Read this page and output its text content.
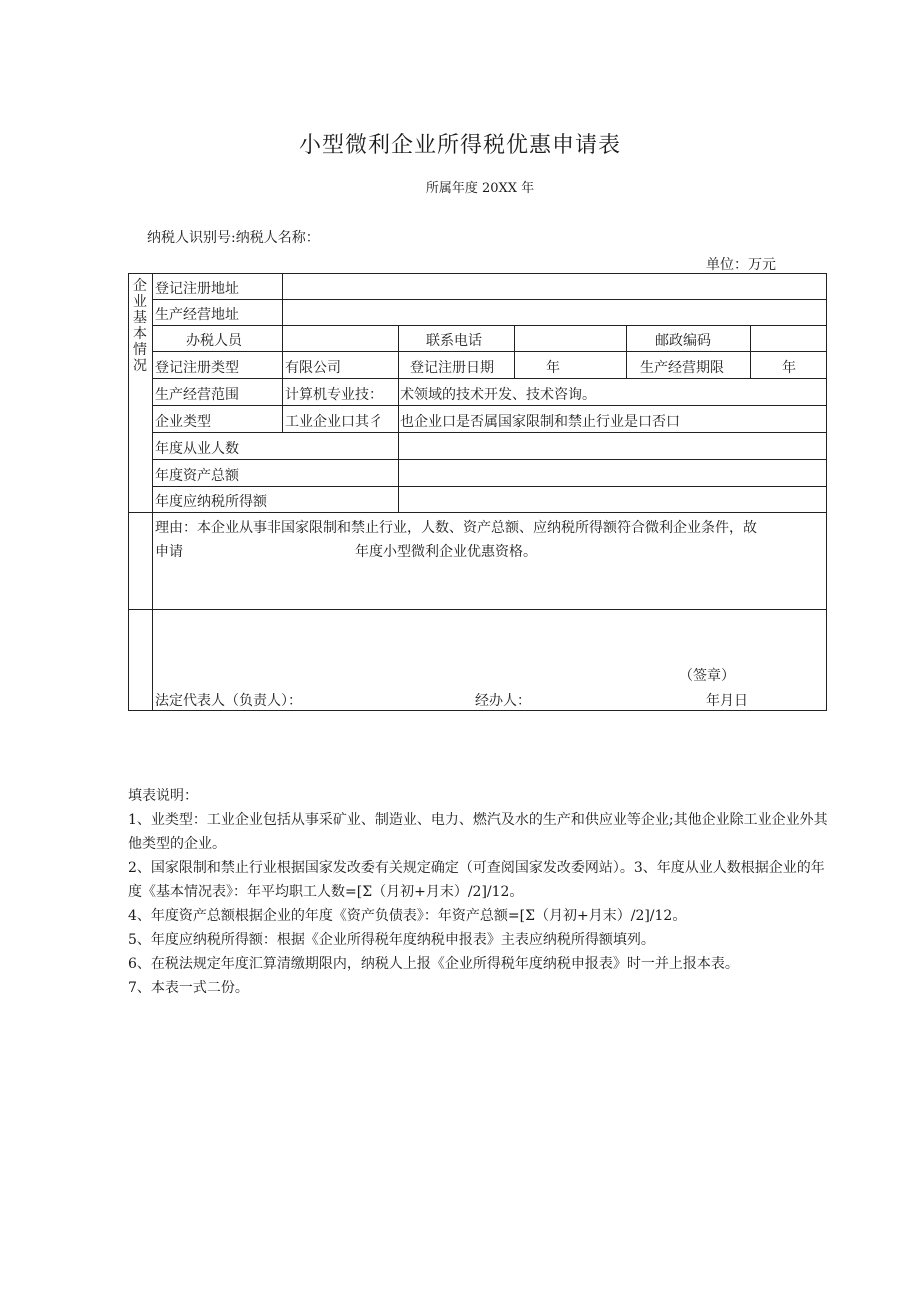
小型微利企业所得税优惠申请表
所属年度 20XX 年
纳税人识别号:纳税人名称：
单位：万元
企业基本情况
登记注册地址
生产经营地址
办税人员	联系电话	邮政编码
登记注册类型	有限公司	登记注册日期	年	生产经营期限	年
生产经营范围	计算机专业技： 术领域的技术开发、技术咨询。
企业类型	工业企业口其彳 也企业口是否属国家限制和禁止行业是口否口
年度从业人数
年度资产总额
年度应纳税所得额
理由：本企业从事非国家限制和禁止行业，人数、资产总额、应纳税所得额符合微利企业条件，故
申请	年度小型微利企业优惠资格。
（签章）
法定代表人（负责人）：	经办人：	年月日
填表说明：
1、业类型：工业企业包括从事采矿业、制造业、电力、燃汽及水的生产和供应业等企业;其他企业除工业企业外其他类型的企业。
2、国家限制和禁止行业根据国家发改委有关规定确定（可查阅国家发改委网站）。3、年度从业人数根据企业的年度《基本情况表》：年平均职工人数=[Σ（月初+月末）/2]/12。
4、年度资产总额根据企业的年度《资产负债表》：年资产总额=[Σ（月初+月末）/2]/12。
5、年度应纳税所得额：根据《企业所得税年度纳税申报表》主表应纳税所得额填列。
6、在税法规定年度汇算清缴期限内，纳税人上报《企业所得税年度纳税申报表》时一并上报本表。
7、本表一式二份。
